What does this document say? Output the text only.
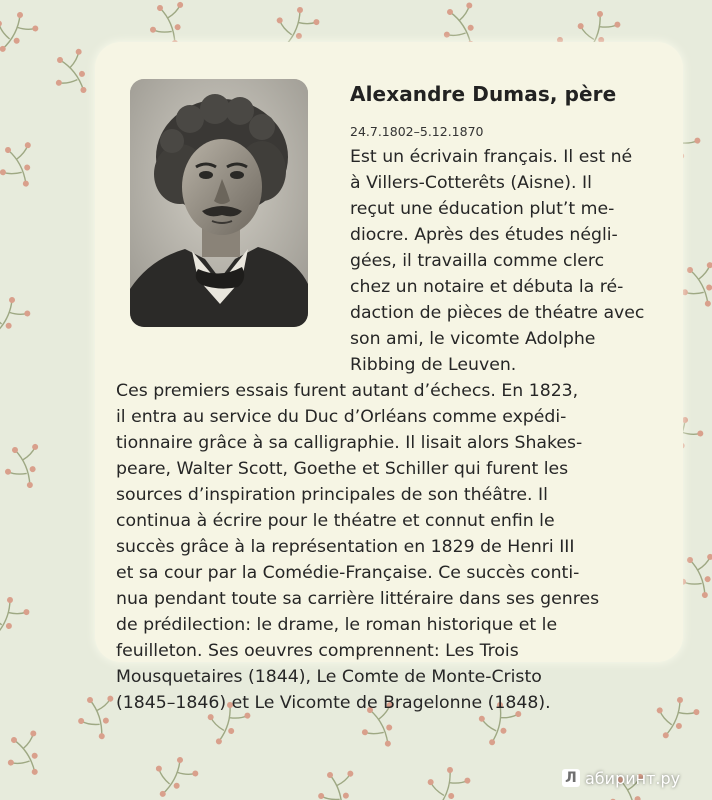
Alexandre Dumas, père
24.7.1802–5.12.1870
Est un écrivain français. Il est né
à Villers-Cotterêts (Aisne). Il
reçut une éducation plut’t me-
diocre. Après des études négli-
gées, il travailla comme clerc
chez un notaire et débuta la ré-
daction de pièces de théatre avec
son ami, le vicomte Adolphe
Ribbing de Leuven.
Ces premiers essais furent autant d’échecs. En 1823,
il entra au service du Duc d’Orléans comme expédi-
tionnaire grâce à sa calligraphie. Il lisait alors Shakes-
peare, Walter Scott, Goethe et Schiller qui furent les
sources d’inspiration principales de son théâtre. Il
continua à écrire pour le théatre et connut enfin le
succès grâce à la représentation en 1829 de Henri III
et sa cour par la Comédie-Française. Ce succès conti-
nua pendant toute sa carrière littéraire dans ses genres
de prédilection: le drame, le roman historique et le
feuilleton. Ses oeuvres comprennent: Les Trois
Mousquetaires (1844), Le Comte de Monte-Cristo
(1845–1846) et Le Vicomte de Bragelonne (1848).
Л абиринт.ру
